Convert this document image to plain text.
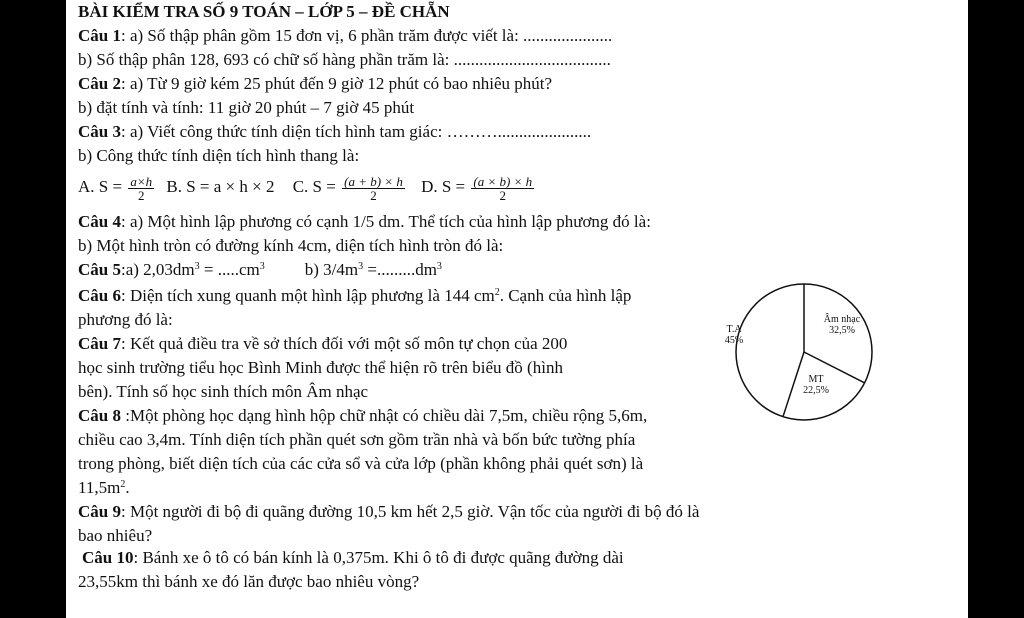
BÀI KIỂM TRA SỐ 9 TOÁN – LỚP 5 – ĐỀ CHẴN
Câu 1: a) Số thập phân gồm 15 đơn vị, 6 phần trăm được viết là: .....................
b) Số thập phân 128, 693 có chữ số hàng phần trăm là: .....................................
Câu 2: a) Từ 9 giờ kém 25 phút đến 9 giờ 12 phút có bao nhiêu phút?
b) đặt tính và tính: 11 giờ 20 phút – 7 giờ 45 phút
Câu 3: a) Viết công thức tính diện tích hình tam giác: ………......................
b) Công thức tính diện tích hình thang là:
A. $S = \frac{a\times h}{2} B$. S = a × h × 2 C. $S = \frac{(a + b) \times h}{2} D$. $S = \frac{(a \times b) \times h}{2}$
Câu 4: a) Một hình lập phương có cạnh 1/5 dm. Thể tích của hình lập phương đó là:
b) Một hình tròn có đường kính 4cm, diện tích hình tròn đó là:
Câu 5:a) $2,03dm^3 = .....cm^3$ b) $3/4m^3 =.........dm^3$
Câu 6: Diện tích xung quanh một hình lập phương là 144 $cm^2$. Cạnh của hình lập
phương đó là:
Câu 7: Kết quả điều tra về sở thích đối với một số môn tự chọn của 200
học sinh trường tiểu học Bình Minh được thể hiện rõ trên biểu đồ (hình
bên). Tính số học sinh thích môn Âm nhạc
Câu 8 :Một phòng học dạng hình hộp chữ nhật có chiều dài 7,5m, chiều rộng 5,6m,
chiều cao 3,4m. Tính diện tích phần quét sơn gồm trần nhà và bốn bức tường phía
trong phòng, biết diện tích của các cửa sổ và cửa lớp (phần không phải quét sơn) là
$11,5m^2$.
Câu 9: Một người đi bộ đi quãng đường 10,5 km hết 2,5 giờ. Vận tốc của người đi bộ đó là
bao nhiêu?
Câu 10: Bánh xe ô tô có bán kính là 0,375m. Khi ô tô đi được quãng đường dài
23,55km thì bánh xe đó lăn được bao nhiêu vòng?
T.A
45%
Âm nhạc
32,5%
MT
22,5%
